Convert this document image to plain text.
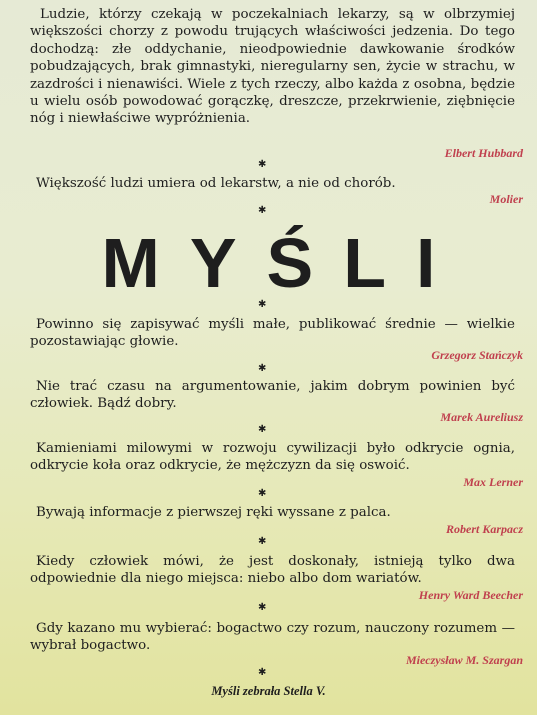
Ludzie, którzy czekają w poczekalniach lekarzy, są w olbrzymiej większości chorzy z powodu trujących właściwości jedzenia. Do tego dochodzą: złe oddychanie, nieodpowiednie dawkowanie środków pobudzających, brak gimnastyki, nieregularny sen, życie w strachu, w zazdrości i nienawiści. Wiele z tych rzeczy, albo każda z osobna, będzie u wielu osób powodować gorączkę, dreszcze, przekrwienie, ziębnięcie nóg i niewłaściwe wypróżnienia.
Elbert Hubbard
✱
Większość ludzi umiera od lekarstw, a nie od chorób.
Molier
✱
MYŚLI
✱
Powinno się zapisywać myśli małe, publikować średnie — wielkie pozostawiając głowie.
Grzegorz Stańczyk
✱
Nie trać czasu na argumentowanie, jakim dobrym powinien być człowiek. Bądź dobry.
Marek Aureliusz
✱
Kamieniami milowymi w rozwoju cywilizacji było odkrycie ognia, odkrycie koła oraz odkrycie, że mężczyzn da się oswoić.
Max Lerner
✱
Bywają informacje z pierwszej ręki wyssane z palca.
Robert Karpacz
✱
Kiedy człowiek mówi, że jest doskonały, istnieją tylko dwa odpowiednie dla niego miejsca: niebo albo dom wariatów.
Henry Ward Beecher
✱
Gdy kazano mu wybierać: bogactwo czy rozum, nauczony rozumem — wybrał bogactwo.
Mieczysław M. Szargan
✱
Myśli zebrała Stella V.
